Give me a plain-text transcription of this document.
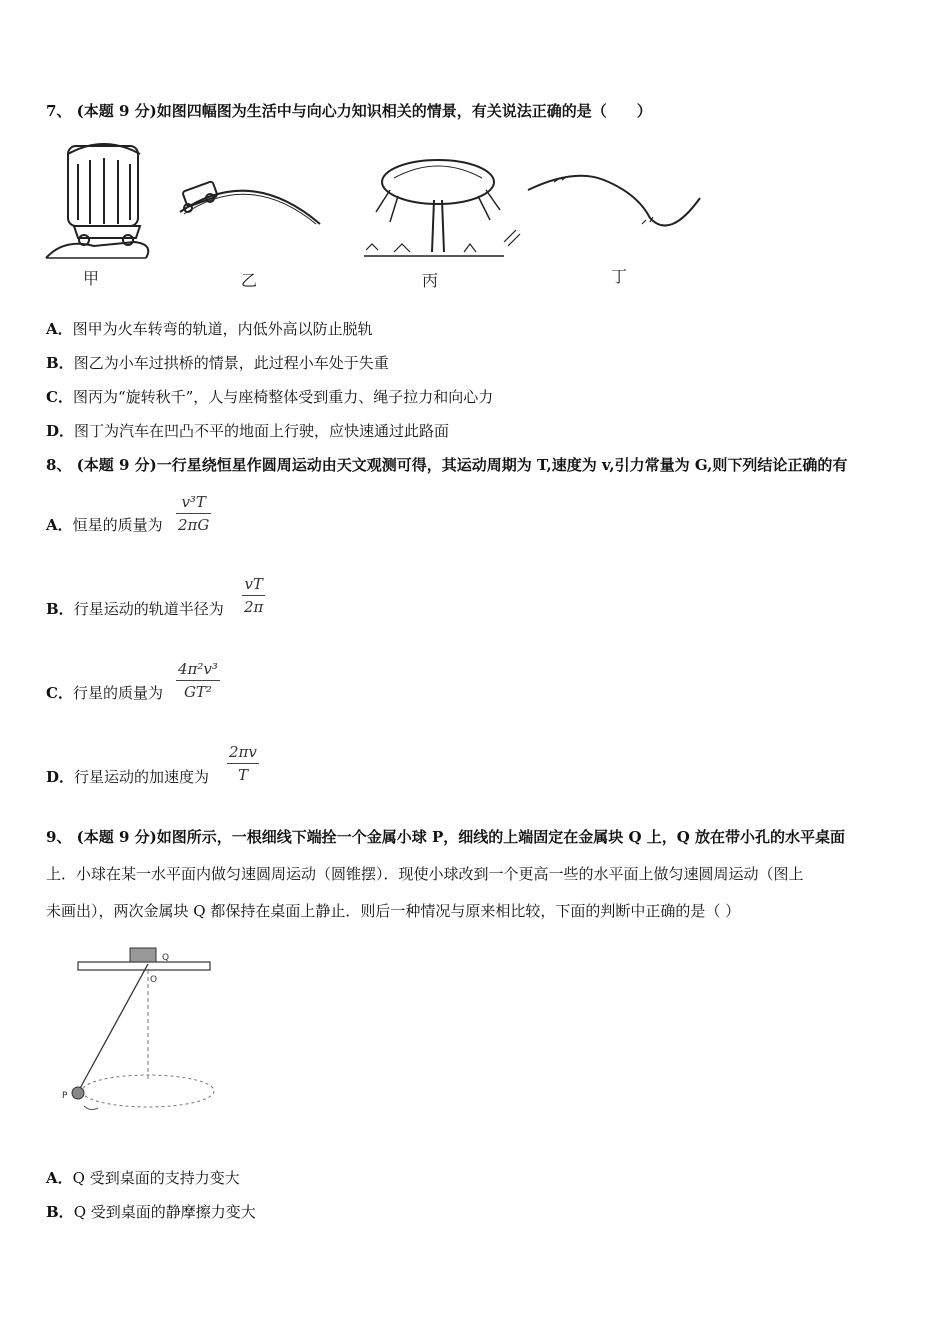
7、 (本题 9 分)如图四幅图为生活中与向心力知识相关的情景，有关说法正确的是（　　）
甲	乙	丙	丁
A．图甲为火车转弯的轨道，内低外高以防止脱轨
B．图乙为小车过拱桥的情景，此过程小车处于失重
C．图丙为“旋转秋千”，人与座椅整体受到重力、绳子拉力和向心力
D．图丁为汽车在凹凸不平的地面上行驶，应快速通过此路面
8、 (本题 9 分)一行星绕恒星作圆周运动由天文观测可得，其运动周期为 T,速度为 v,引力常量为 G,则下列结论正确的有
A．恒星的质量为
v³T
2πG
B．行星运动的轨道半径为
vT
2π
C．行星的质量为
4π²v³
GT²
D．行星运动的加速度为
2πv
T
9、 (本题 9 分)如图所示，一根细线下端拴一个金属小球 P，细线的上端固定在金属块 Q 上，Q 放在带小孔的水平桌面
上．小球在某一水平面内做匀速圆周运动（圆锥摆）．现使小球改到一个更高一些的水平面上做匀速圆周运动（图上
未画出），两次金属块 Q 都保持在桌面上静止．则后一种情况与原来相比较，下面的判断中正确的是（ ）
Q
O
P
A．Q 受到桌面的支持力变大
B．Q 受到桌面的静摩擦力变大
